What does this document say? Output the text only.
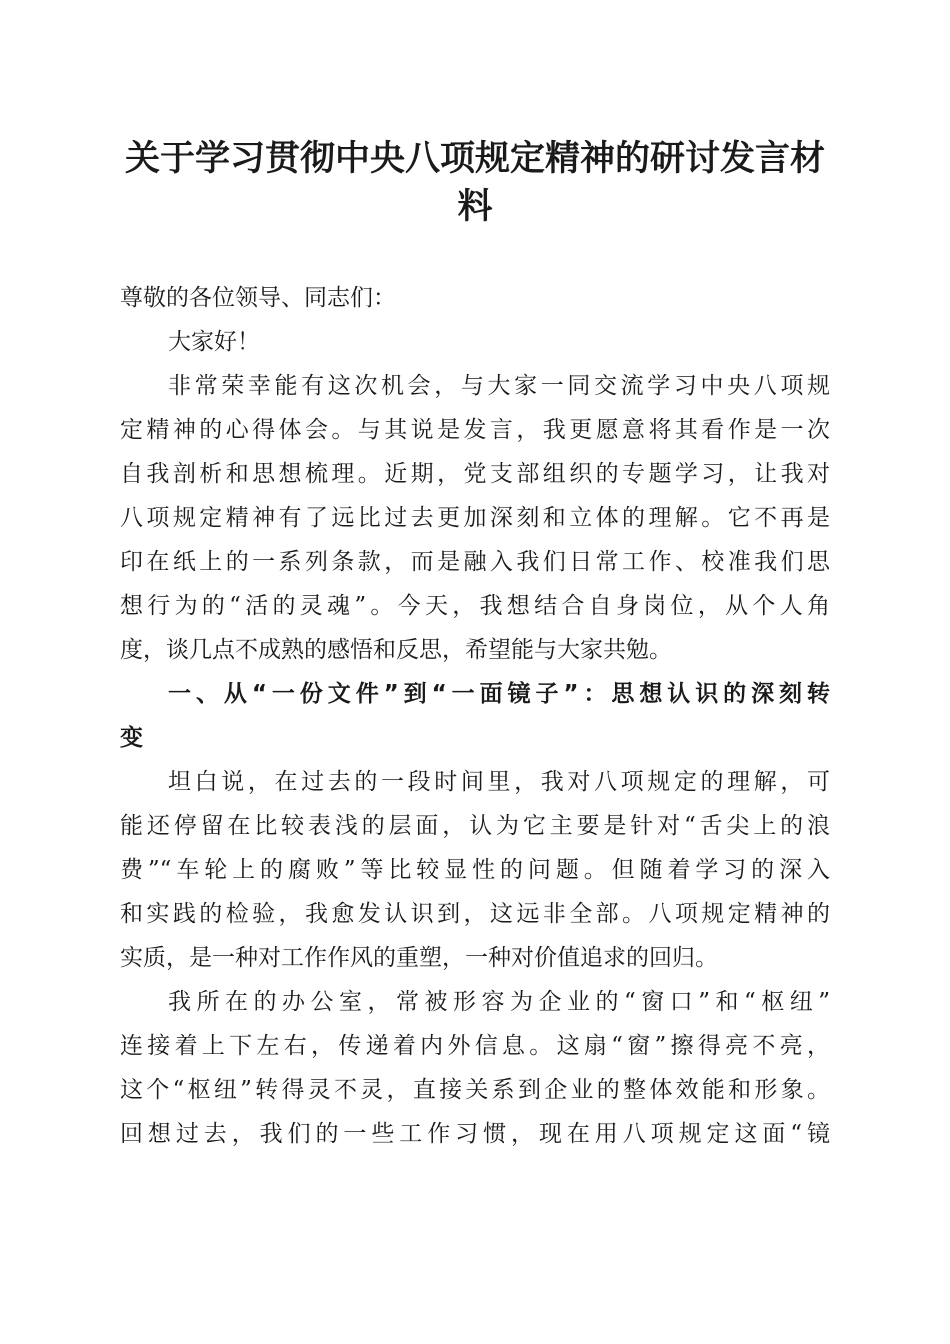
关于学习贯彻中央八项规定精神的研讨发言材
料
尊敬的各位领导、同志们：
大家好！
非常荣幸能有这次机会，与大家一同交流学习中央八项规
定精神的心得体会。与其说是发言，我更愿意将其看作是一次
自我剖析和思想梳理。近期，党支部组织的专题学习，让我对
八项规定精神有了远比过去更加深刻和立体的理解。它不再是
印在纸上的一系列条款，而是融入我们日常工作、校准我们思
想行为的“活的灵魂”。今天，我想结合自身岗位，从个人角
度，谈几点不成熟的感悟和反思，希望能与大家共勉。
一、从“一份文件”到“一面镜子”：思想认识的深刻转
变
坦白说，在过去的一段时间里，我对八项规定的理解，可
能还停留在比较表浅的层面，认为它主要是针对“舌尖上的浪
费”“车轮上的腐败”等比较显性的问题。但随着学习的深入
和实践的检验，我愈发认识到，这远非全部。八项规定精神的
实质，是一种对工作作风的重塑，一种对价值追求的回归。
我所在的办公室，常被形容为企业的“窗口”和“枢纽”
连接着上下左右，传递着内外信息。这扇“窗”擦得亮不亮，
这个“枢纽”转得灵不灵，直接关系到企业的整体效能和形象。
回想过去，我们的一些工作习惯，现在用八项规定这面“镜
